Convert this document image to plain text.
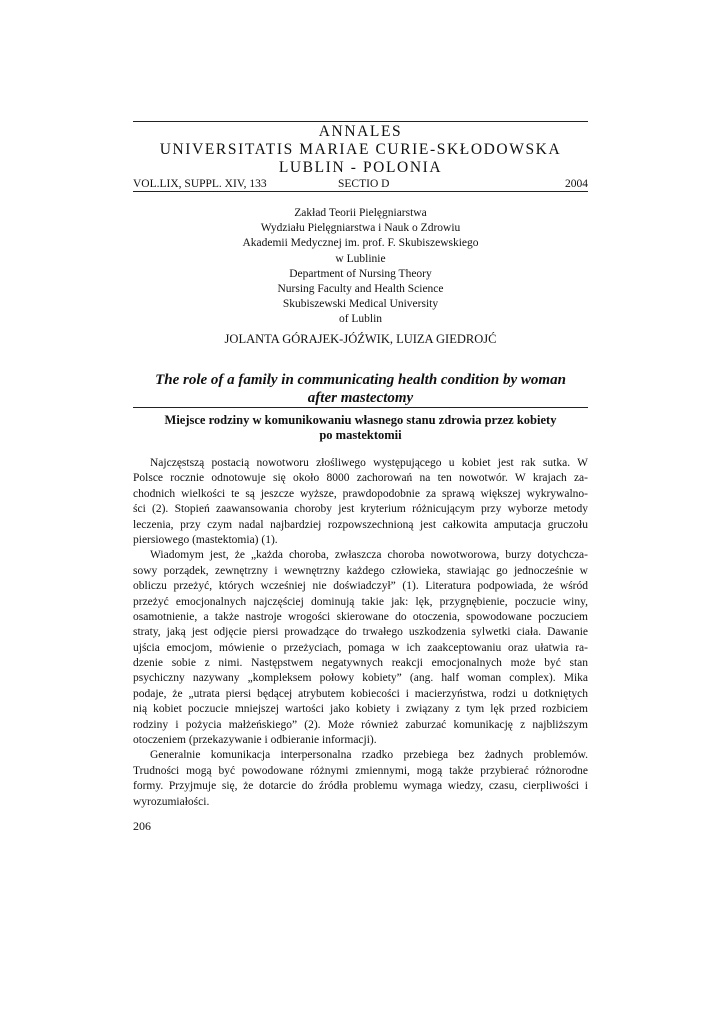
ANNALES
UNIVERSITATIS MARIAE CURIE-SKŁODOWSKA
LUBLIN - POLONIA
VOL.LIX, SUPPL. XIV, 133	SECTIO D	2004
Zakład Teorii Pielęgniarstwa
Wydziału Pielęgniarstwa i Nauk o Zdrowiu
Akademii Medycznej im. prof. F. Skubiszewskiego
w Lublinie
Department of Nursing Theory
Nursing Faculty and Health Science
Skubiszewski Medical University
of Lublin
JOLANTA GÓRAJEK-JÓŹWIK, LUIZA GIEDROJĆ
The role of a family in communicating health condition by woman
after mastectomy
Miejsce rodziny w komunikowaniu własnego stanu zdrowia przez kobiety
po mastektomii
Najczęstszą postacią nowotworu złośliwego występującego u kobiet jest rak sutka. W
Polsce rocznie odnotowuje się około 8000 zachorowań na ten nowotwór. W krajach za-
chodnich wielkości te są jeszcze wyższe, prawdopodobnie za sprawą większej wykrywalno-
ści (2). Stopień zaawansowania choroby jest kryterium różnicującym przy wyborze metody
leczenia, przy czym nadal najbardziej rozpowszechnioną jest całkowita amputacja gruczołu
piersiowego (mastektomia) (1).
Wiadomym jest, że „każda choroba, zwłaszcza choroba nowotworowa, burzy dotychcza-
sowy porządek, zewnętrzny i wewnętrzny każdego człowieka, stawiając go jednocześnie w
obliczu przeżyć, których wcześniej nie doświadczył” (1). Literatura podpowiada, że wśród
przeżyć emocjonalnych najczęściej dominują takie jak: lęk, przygnębienie, poczucie winy,
osamotnienie, a także nastroje wrogości skierowane do otoczenia, spowodowane poczuciem
straty, jaką jest odjęcie piersi prowadzące do trwałego uszkodzenia sylwetki ciała. Dawanie
ujścia emocjom, mówienie o przeżyciach, pomaga w ich zaakceptowaniu oraz ułatwia ra-
dzenie sobie z nimi. Następstwem negatywnych reakcji emocjonalnych może być stan
psychiczny nazywany „kompleksem połowy kobiety” (ang. half woman complex). Mika
podaje, że „utrata piersi będącej atrybutem kobiecości i macierzyństwa, rodzi u dotkniętych
nią kobiet poczucie mniejszej wartości jako kobiety i związany z tym lęk przed rozbiciem
rodziny i pożycia małżeńskiego” (2). Może również zaburzać komunikację z najbliższym
otoczeniem (przekazywanie i odbieranie informacji).
Generalnie komunikacja interpersonalna rzadko przebiega bez żadnych problemów.
Trudności mogą być powodowane różnymi zmiennymi, mogą także przybierać różnorodne
formy. Przyjmuje się, że dotarcie do źródła problemu wymaga wiedzy, czasu, cierpliwości i
wyrozumiałości.
206
